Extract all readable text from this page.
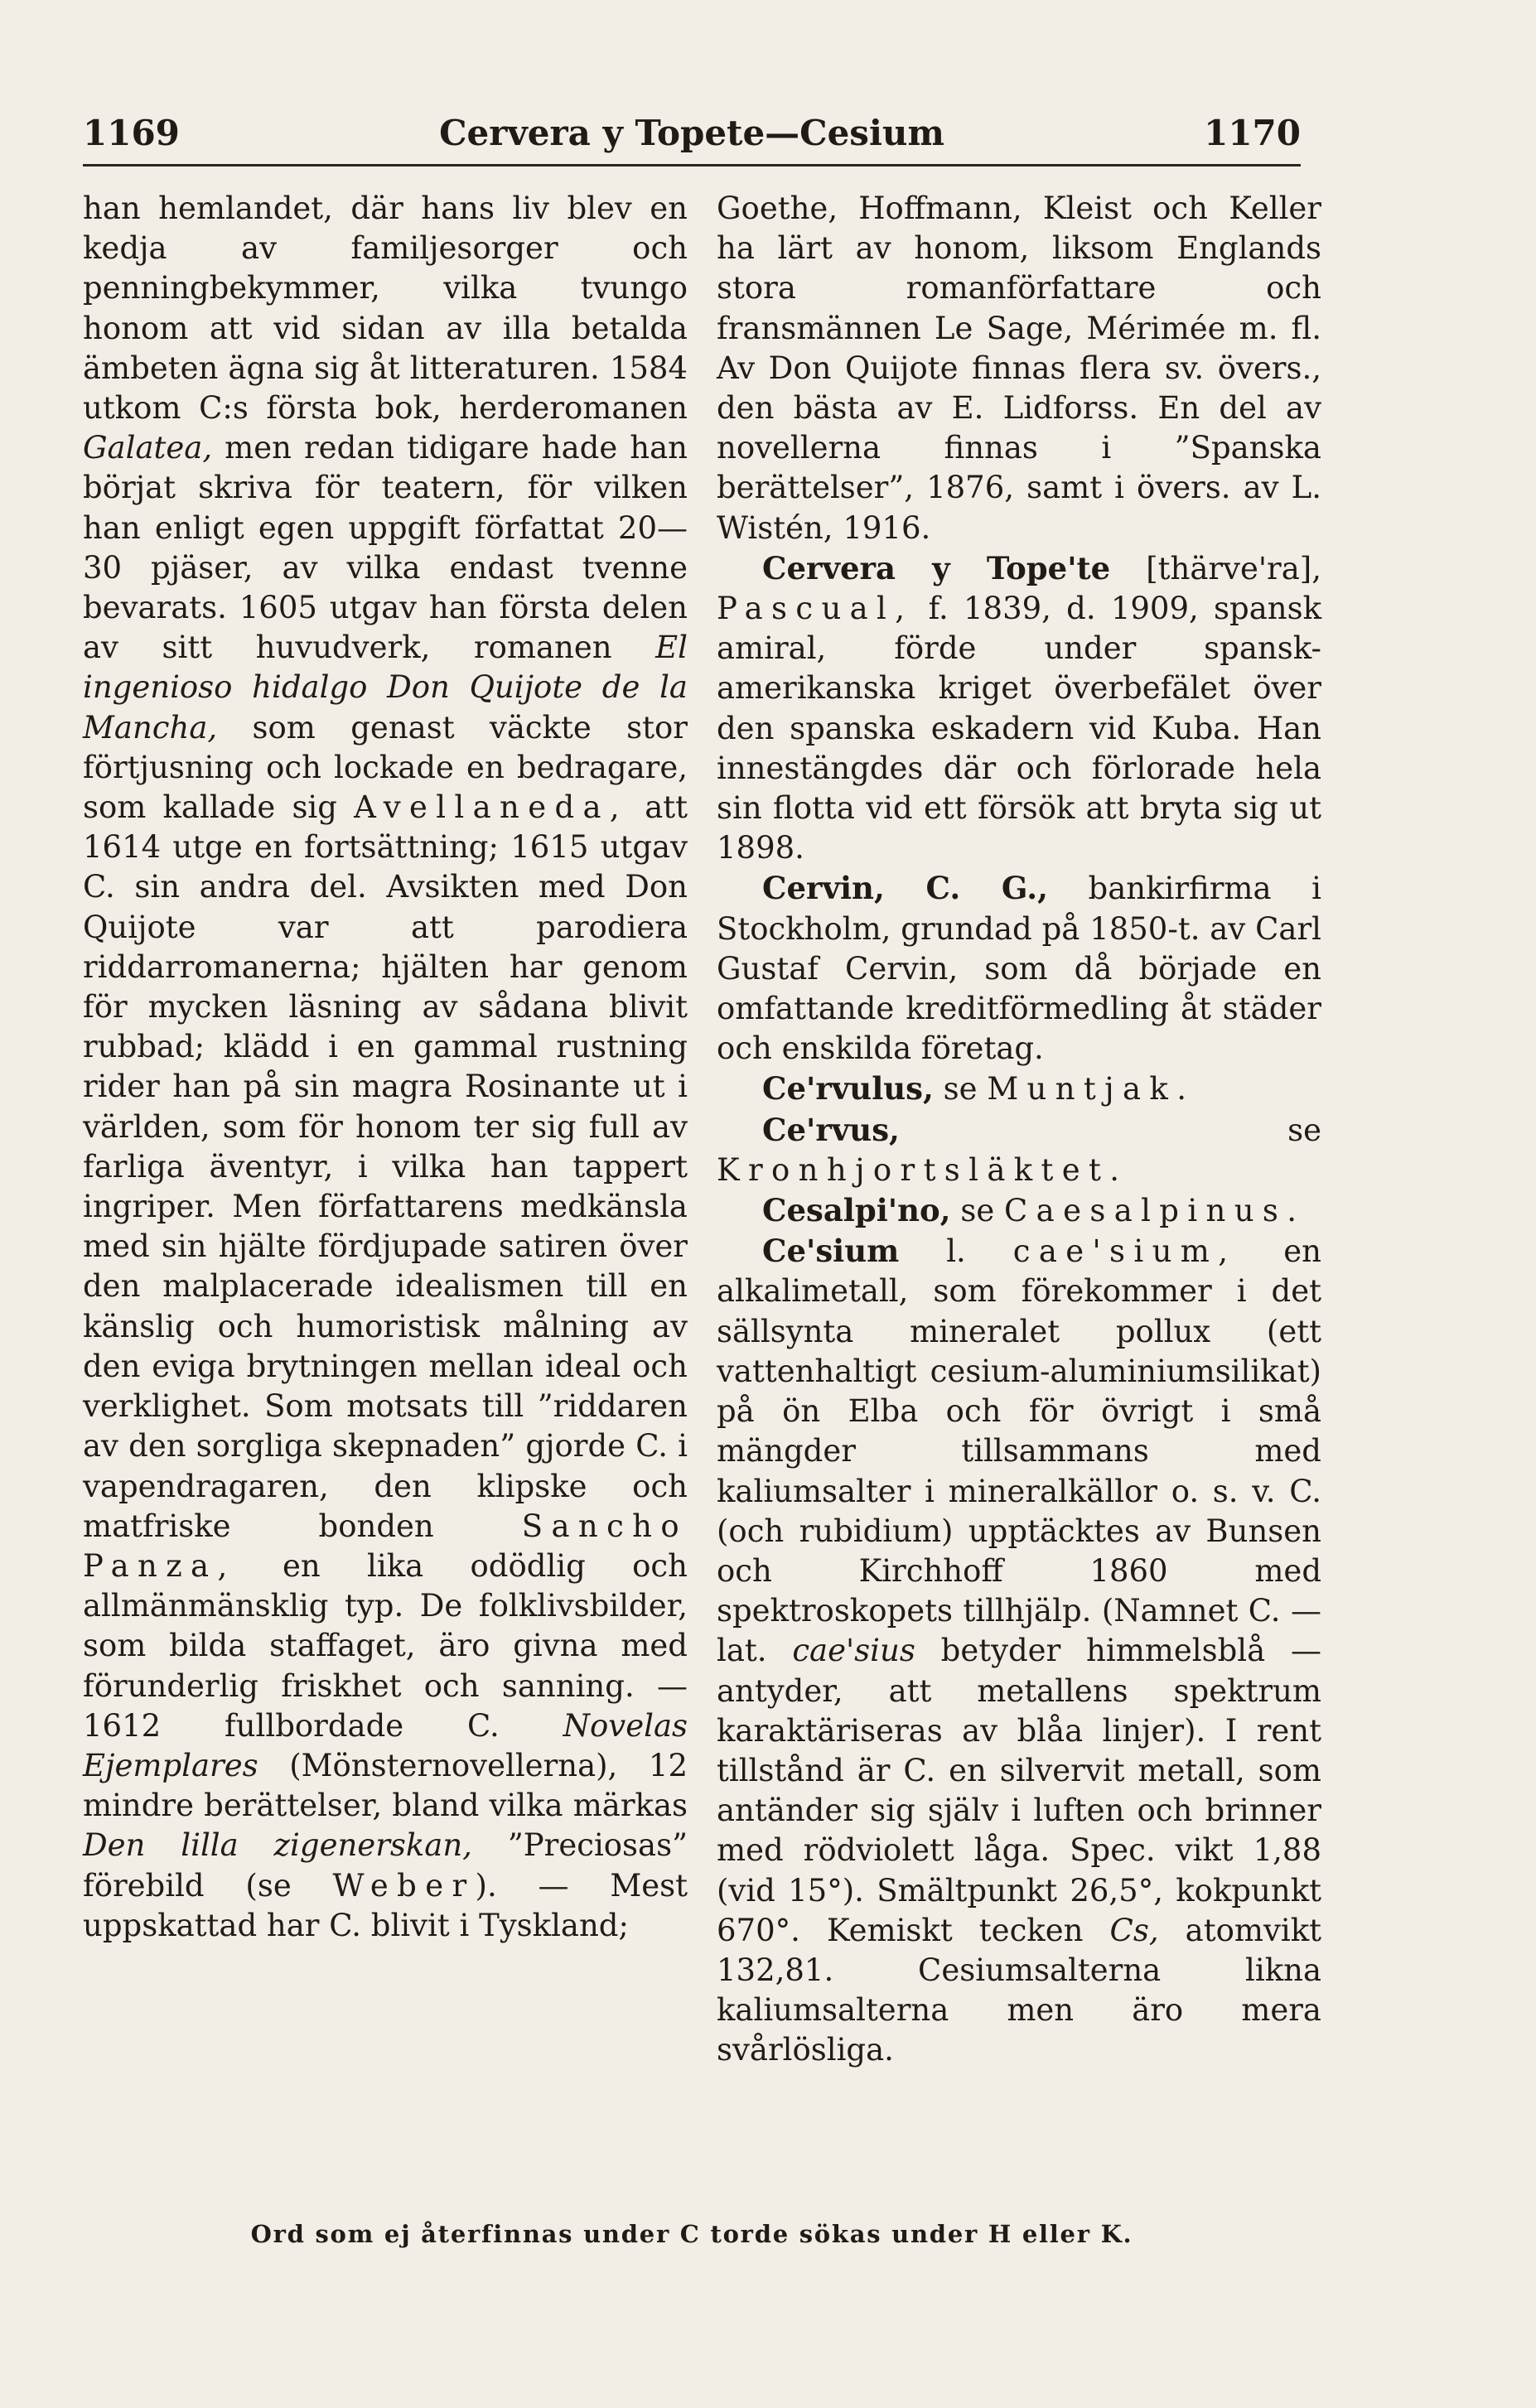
1169	Cervera y Topete—Cesium	1170

han hemlandet, där hans liv blev en kedja av familjesorger och penningbekymmer, vilka tvungo honom att vid sidan av illa betalda ämbeten ägna sig åt litteraturen. 1584 utkom C:s första bok, herderomanen Galatea, men redan tidigare hade han börjat skriva för teatern, för vilken han enligt egen uppgift författat 20—30 pjäser, av vilka endast tvenne bevarats. 1605 utgav han första delen av sitt huvudverk, romanen El ingenioso hidalgo Don Quijote de la Mancha, som genast väckte stor förtjusning och lockade en bedragare, som kallade sig Avellaneda, att 1614 utge en fortsättning; 1615 utgav C. sin andra del. Avsikten med Don Quijote var att parodiera riddarromanerna; hjälten har genom för mycken läsning av sådana blivit rubbad; klädd i en gammal rustning rider han på sin magra Rosinante ut i världen, som för honom ter sig full av farliga äventyr, i vilka han tappert ingriper. Men författarens medkänsla med sin hjälte fördjupade satiren över den malplacerade idealismen till en känslig och humoristisk målning av den eviga brytningen mellan ideal och verklighet. Som motsats till ”riddaren av den sorgliga skepnaden” gjorde C. i vapendragaren, den klipske och matfriske bonden Sancho Panza, en lika odödlig och allmänmänsklig typ. De folklivsbilder, som bilda staffaget, äro givna med förunderlig friskhet och sanning. — 1612 fullbordade C. Novelas Ejemplares (Mönsternovellerna), 12 mindre berättelser, bland vilka märkas Den lilla zigenerskan, ”Preciosas” förebild (se Weber). — Mest uppskattad har C. blivit i Tyskland;

Goethe, Hoffmann, Kleist och Keller ha lärt av honom, liksom Englands stora romanförfattare och fransmännen Le Sage, Mérimée m. fl. Av Don Quijote finnas flera sv. övers., den bästa av E. Lidforss. En del av novellerna finnas i ”Spanska berättelser”, 1876, samt i övers. av L. Wistén, 1916.

Cervera y Tope'te [thärve'ra], Pascual, f. 1839, d. 1909, spansk amiral, förde under spansk-amerikanska kriget överbefälet över den spanska eskadern vid Kuba. Han innestängdes där och förlorade hela sin flotta vid ett försök att bryta sig ut 1898.

Cervin, C. G., bankirfirma i Stockholm, grundad på 1850-t. av Carl Gustaf Cervin, som då började en omfattande kreditförmedling åt städer och enskilda företag.

Ce'rvulus, se Muntjak.

Ce'rvus, se Kronhjortsläktet.

Cesalpi'no, se Caesalpinus.

Ce'sium l. cae'sium, en alkalimetall, som förekommer i det sällsynta mineralet pollux (ett vattenhaltigt cesium-aluminiumsilikat) på ön Elba och för övrigt i små mängder tillsammans med kaliumsalter i mineralkällor o. s. v. C. (och rubidium) upptäcktes av Bunsen och Kirchhoff 1860 med spektroskopets tillhjälp. (Namnet C. — lat. cae'sius betyder himmelsblå — antyder, att metallens spektrum karaktäriseras av blåa linjer). I rent tillstånd är C. en silvervit metall, som antänder sig själv i luften och brinner med rödviolett låga. Spec. vikt 1,88 (vid 15°). Smältpunkt 26,5°, kokpunkt 670°. Kemiskt tecken Cs, atomvikt 132,81. Cesiumsalterna likna kaliumsalterna men äro mera svårlösliga.

Ord som ej återfinnas under C torde sökas under H eller K.
